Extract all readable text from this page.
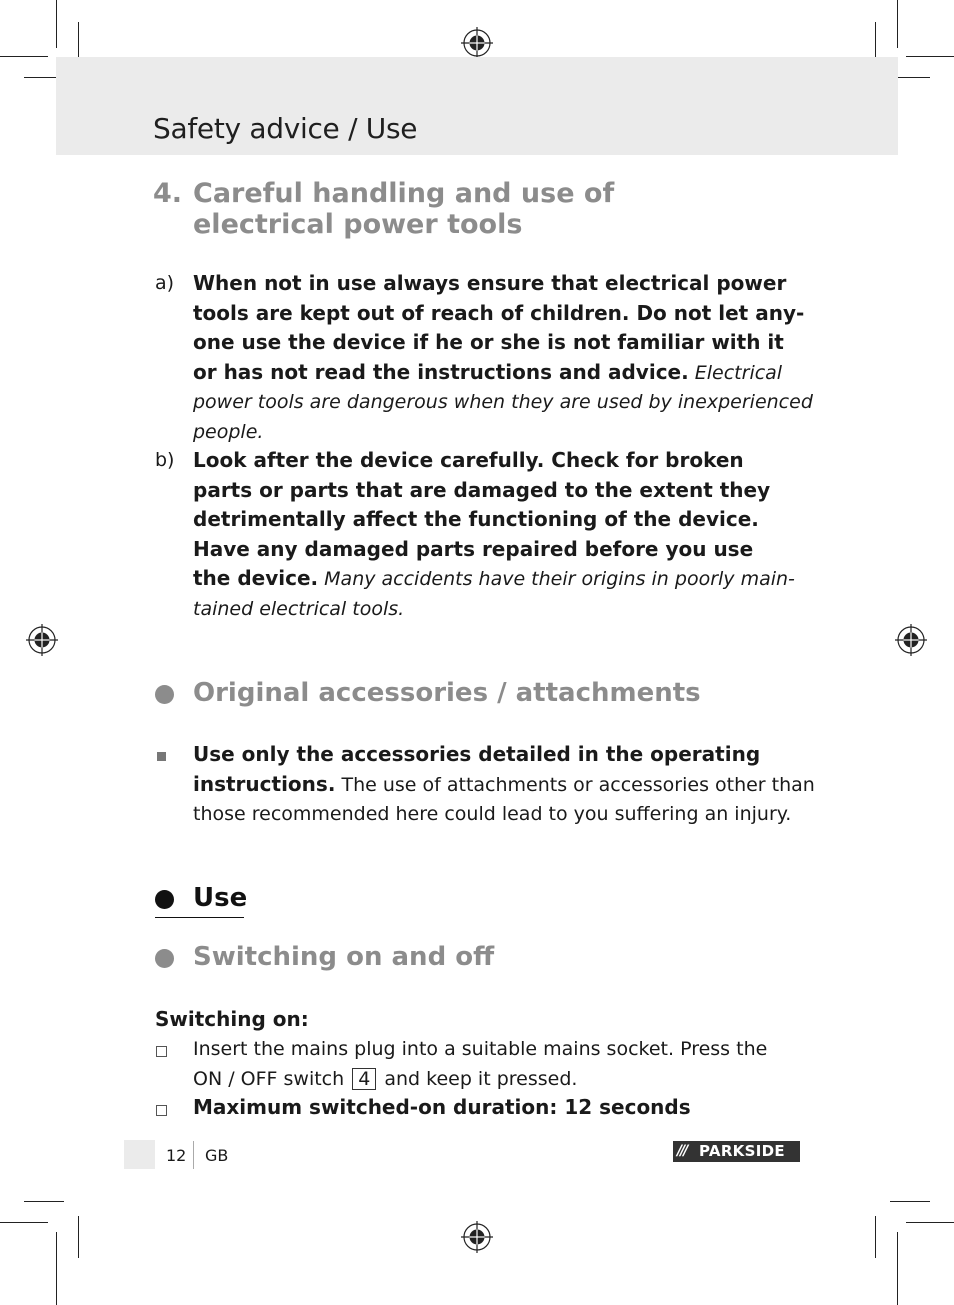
Safety advice / Use
4. Careful handling and use of
electrical power tools
a) When not in use always ensure that electrical power
tools are kept out of reach of children. Do not let any-
one use the device if he or she is not familiar with it
or has not read the instructions and advice. Electrical
power tools are dangerous when they are used by inexperienced
people.
b) Look after the device carefully. Check for broken
parts or parts that are damaged to the extent they
detrimentally affect the functioning of the device.
Have any damaged parts repaired before you use
the device. Many accidents have their origins in poorly main-
tained electrical tools.
Original accessories / attachments
Use only the accessories detailed in the operating
instructions. The use of attachments or accessories other than
those recommended here could lead to you suffering an injury.
Use
Switching on and off
Switching on:
Insert the mains plug into a suitable mains socket. Press the
ON / OFF switch 4 and keep it pressed.
Maximum switched-on duration: 12 seconds
12 GB	/// PARKSIDE
